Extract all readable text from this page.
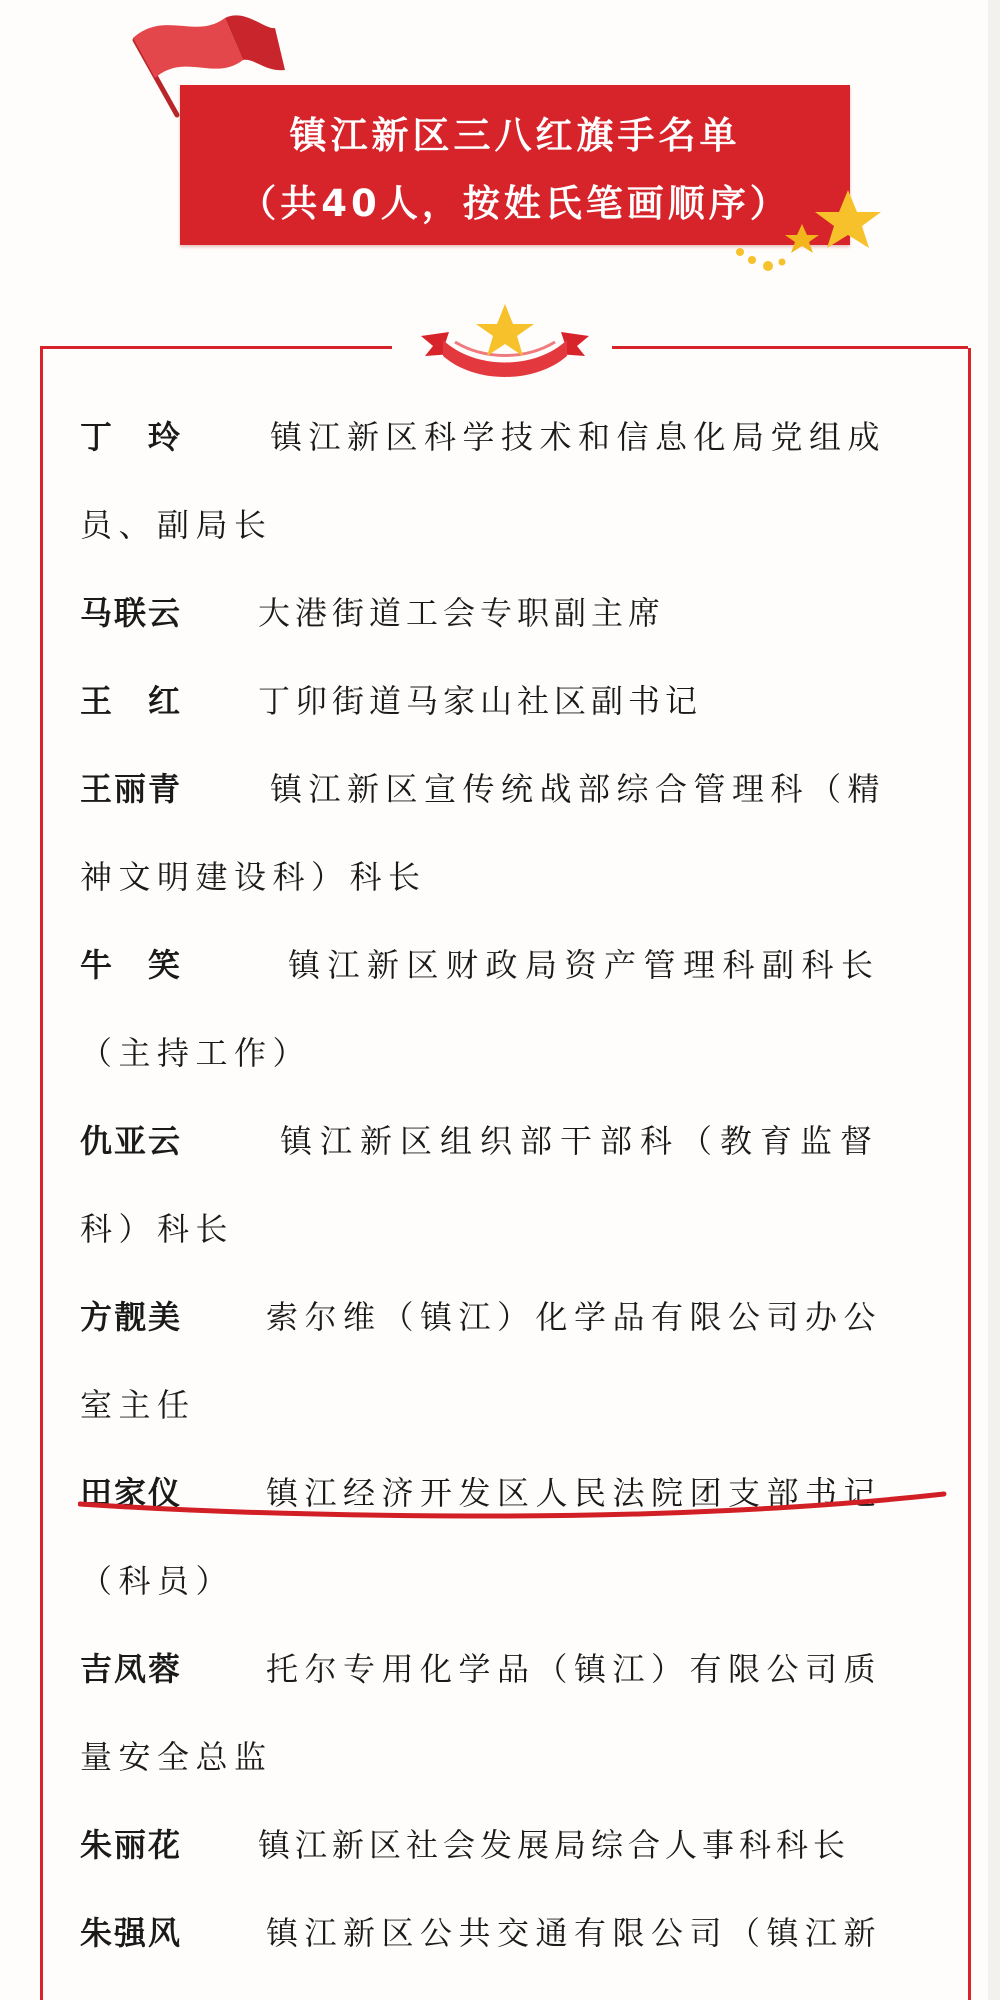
镇江新区三八红旗手名单
（共40人，按姓氏笔画顺序）
丁　玲	镇江新区科学技术和信息化局党组成
员、副局长
马联云 大港街道工会专职副主席
王　红 丁卯街道马家山社区副书记
王丽青	镇江新区宣传统战部综合管理科（精
神文明建设科）科长
牛　笑	镇江新区财政局资产管理科副科长
（主持工作）
仇亚云	镇江新区组织部干部科（教育监督
科）科长
方靓美	索尔维（镇江）化学品有限公司办公
室主任
田家仪	镇江经济开发区人民法院团支部书记
（科员）
吉凤蓉	托尔专用化学品（镇江）有限公司质
量安全总监
朱丽花 镇江新区社会发展局综合人事科科长
朱强风	镇江新区公共交通有限公司（镇江新
